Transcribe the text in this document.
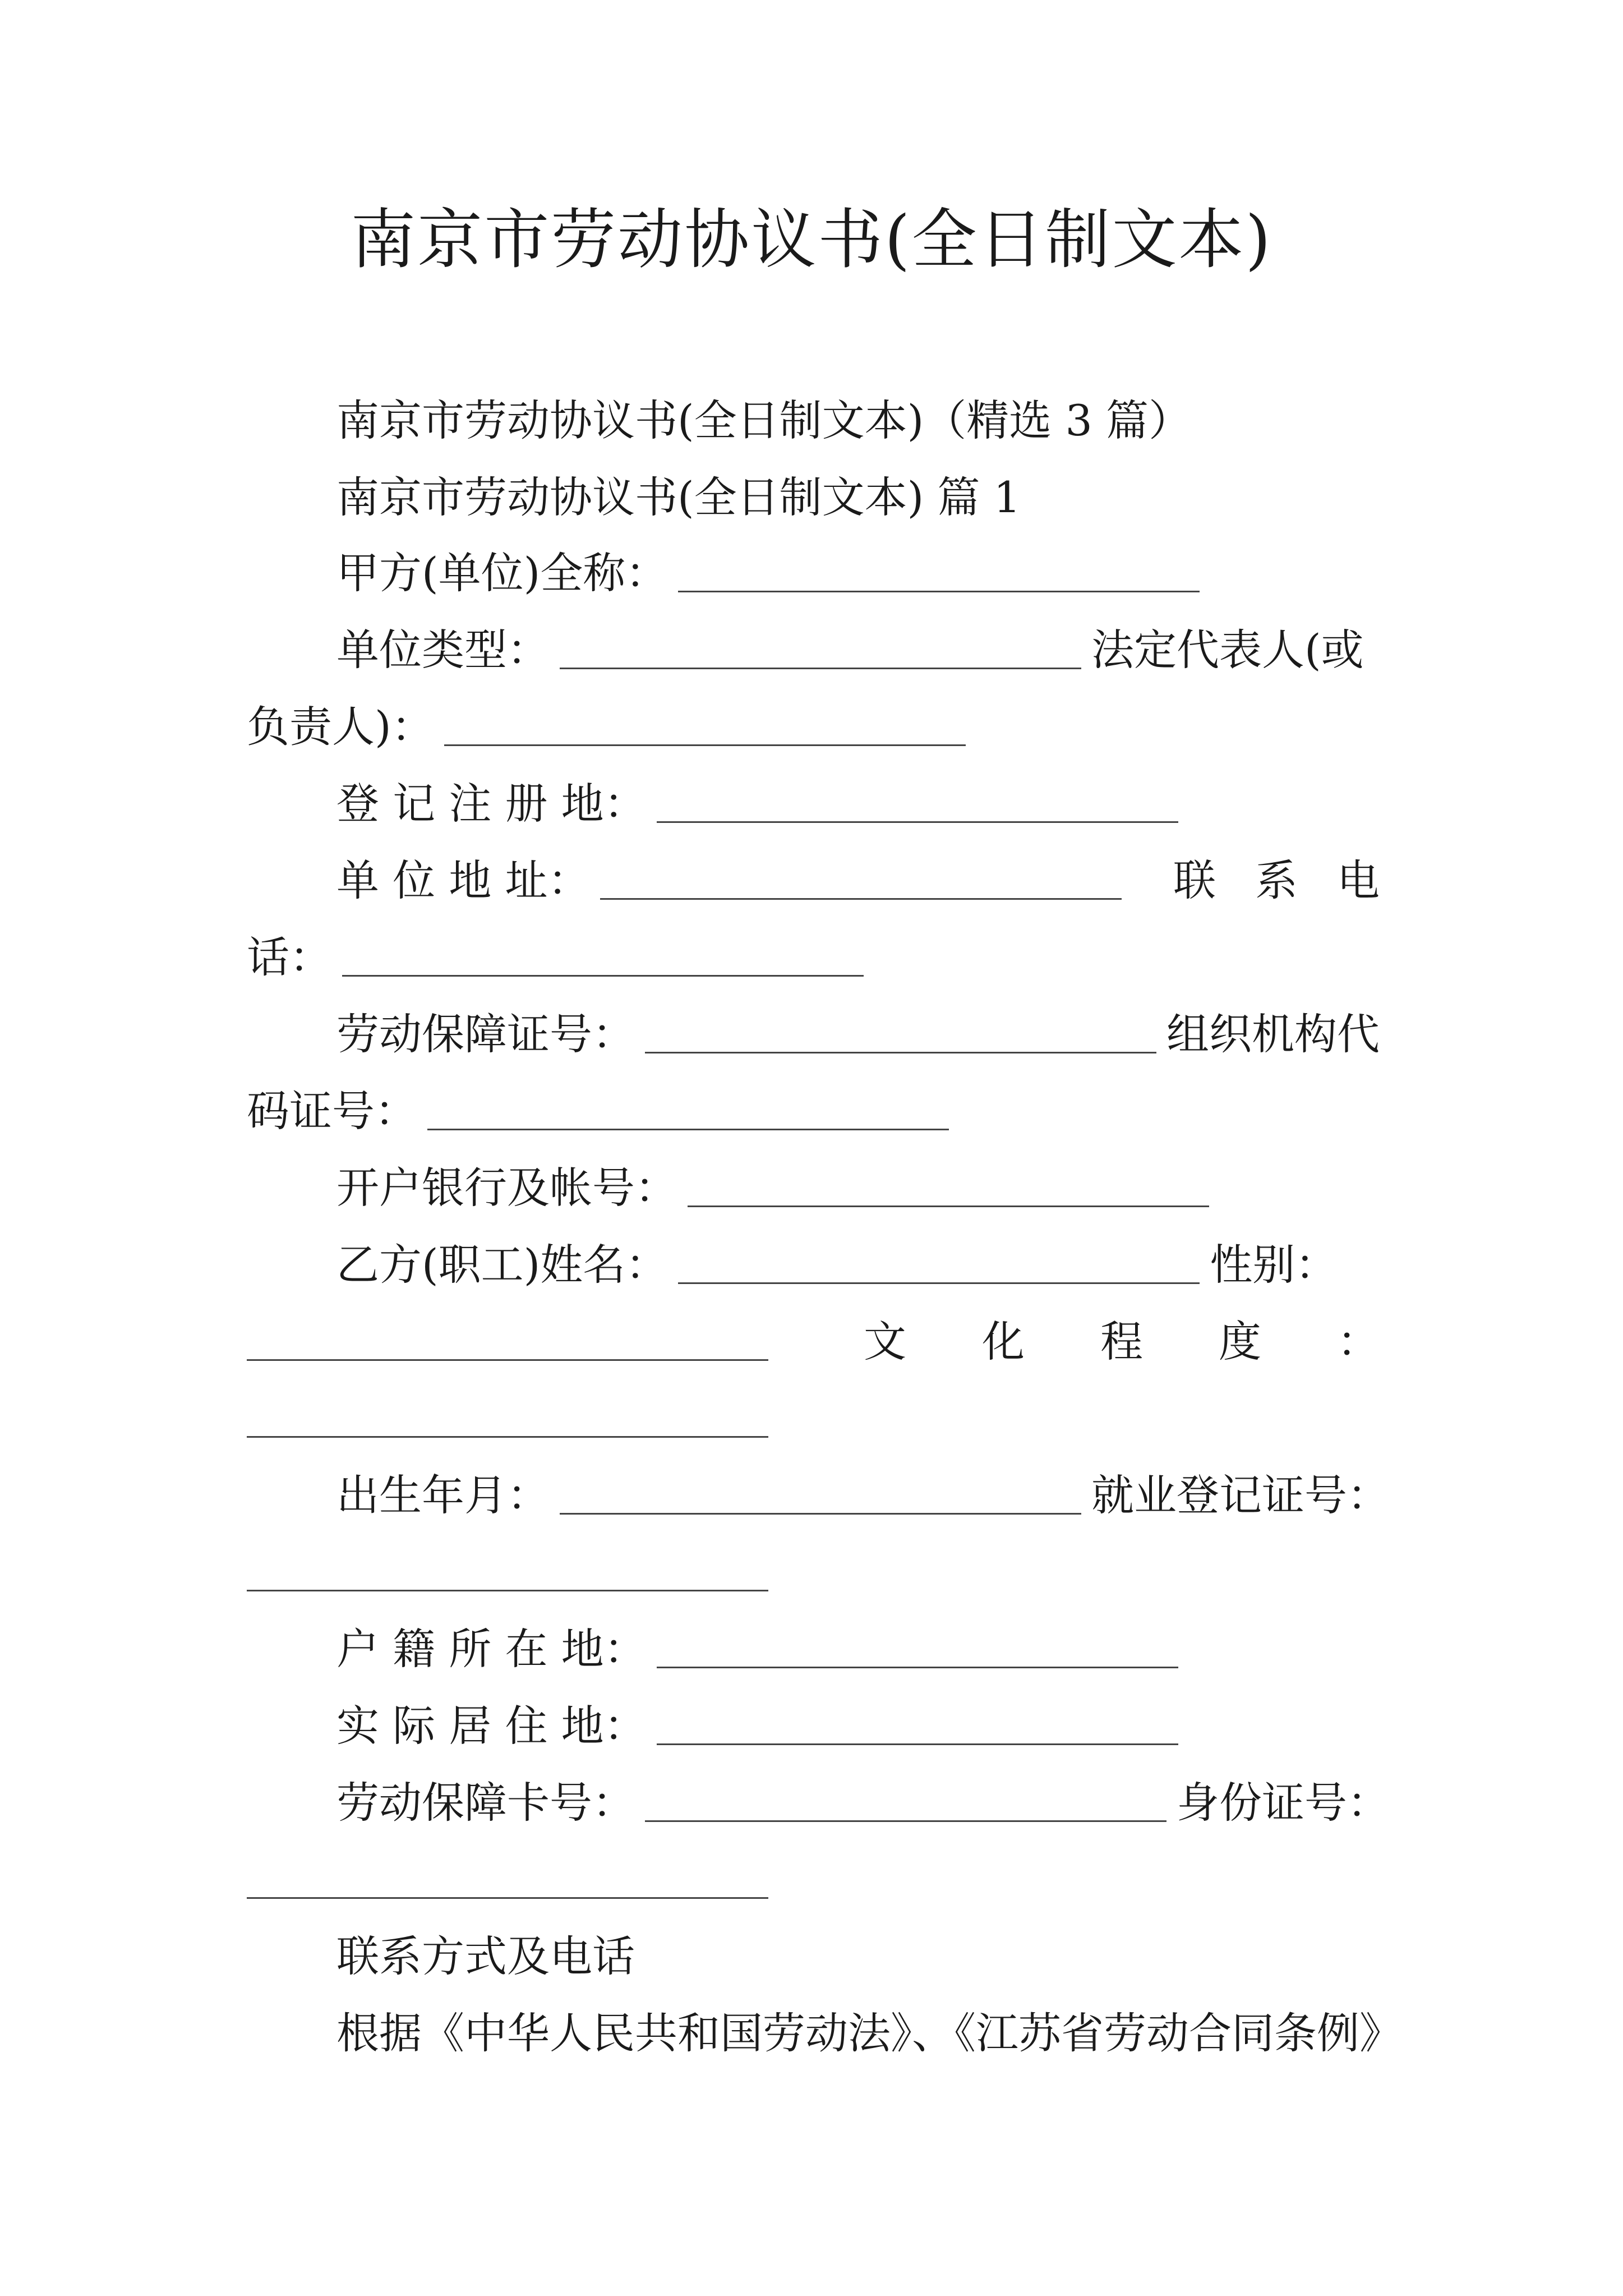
南京市劳动协议书(全日制文本)
南京市劳动协议书(全日制文本)（精选 3 篇）
南京市劳动协议书(全日制文本) 篇 1
甲方(单位)全称：
单位类型：	法定代表人(或
负责人)：
登 记 注 册 地：
单 位 地 址：	联 系 电
话：
劳动保障证号：	组织机构代
码证号：
开户银行及帐号：
乙方(职工)姓名：	性别：
文 化 程 度 ：
出生年月：	就业登记证号：
户 籍 所 在 地：
实 际 居 住 地：
劳动保障卡号：	身份证号：
联系方式及电话
根据《中华人民共和国劳动法》、《江苏省劳动合同条例》
